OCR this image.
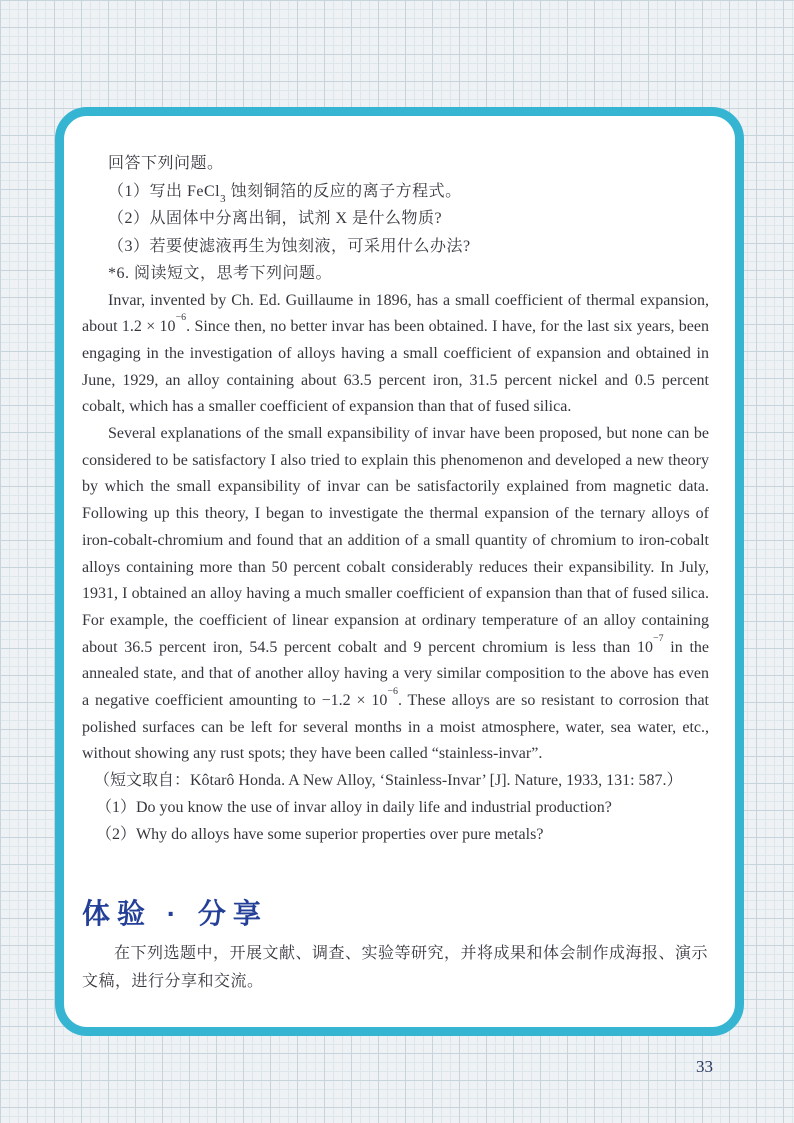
回答下列问题。

（1）写出 FeCl$_3$ 蚀刻铜箔的反应的离子方程式。

（2）从固体中分离出铜，试剂 X 是什么物质?

（3）若要使滤液再生为蚀刻液，可采用什么办法?

*6. 阅读短文，思考下列问题。

Invar, invented by Ch. Ed. Guillaume in 1896, has a small coefficient of thermal expansion, about $1.2 \times 10^{-6}$. Since then, no better invar has been obtained. I have, for the last six years, been engaging in the investigation of alloys having a small coefficient of expansion and obtained in June, 1929, an alloy containing about 63.5 percent iron, 31.5 percent nickel and 0.5 percent cobalt, which has a smaller coefficient of expansion than that of fused silica.

Several explanations of the small expansibility of invar have been proposed, but none can be considered to be satisfactory I also tried to explain this phenomenon and developed a new theory by which the small expansibility of invar can be satisfactorily explained from magnetic data. Following up this theory, I began to investigate the thermal expansion of the ternary alloys of iron-cobalt-chromium and found that an addition of a small quantity of chromium to iron-cobalt alloys containing more than 50 percent cobalt considerably reduces their expansibility. In July, 1931, I obtained an alloy having a much smaller coefficient of expansion than that of fused silica. For example, the coefficient of linear expansion at ordinary temperature of an alloy containing about 36.5 percent iron, 54.5 percent cobalt and 9 percent chromium is less than $10^{-7}$ in the annealed state, and that of another alloy having a very similar composition to the above has even a negative coefficient amounting to $-1.2 \times 10^{-6}$. These alloys are so resistant to corrosion that polished surfaces can be left for several months in a moist atmosphere, water, sea water, etc., without showing any rust spots; they have been called “stainless-invar”.

（短文取自：Kôtarô Honda. A New Alloy, ‘Stainless-Invar’ [J]. Nature, 1933, 131: 587.）

（1）Do you know the use of invar alloy in daily life and industrial production?

（2）Why do alloys have some superior properties over pure metals?

体验 · 分享

在下列选题中，开展文献、调查、实验等研究，并将成果和体会制作成海报、演示文稿，进行分享和交流。

33
